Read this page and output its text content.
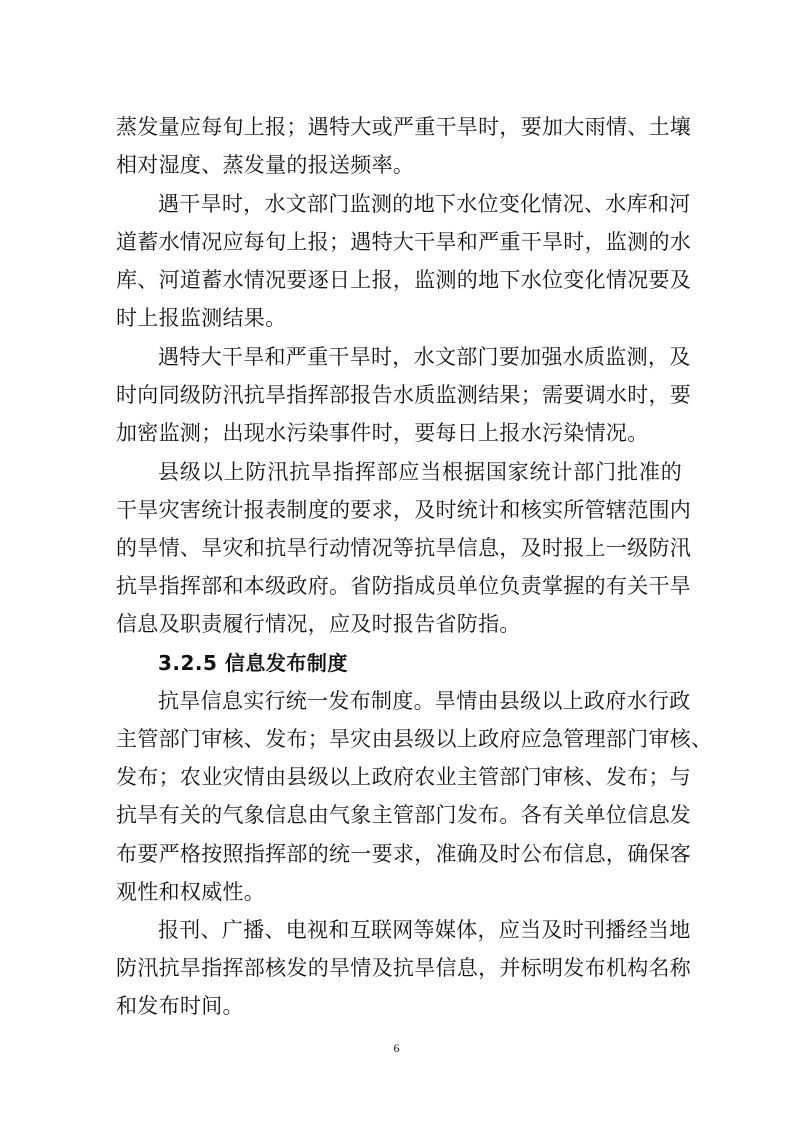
蒸发量应每旬上报；遇特大或严重干旱时，要加大雨情、土壤
相对湿度、蒸发量的报送频率。
遇干旱时，水文部门监测的地下水位变化情况、水库和河
道蓄水情况应每旬上报；遇特大干旱和严重干旱时，监测的水
库、河道蓄水情况要逐日上报，监测的地下水位变化情况要及
时上报监测结果。
遇特大干旱和严重干旱时，水文部门要加强水质监测，及
时向同级防汛抗旱指挥部报告水质监测结果；需要调水时，要
加密监测；出现水污染事件时，要每日上报水污染情况。
县级以上防汛抗旱指挥部应当根据国家统计部门批准的
干旱灾害统计报表制度的要求，及时统计和核实所管辖范围内
的旱情、旱灾和抗旱行动情况等抗旱信息，及时报上一级防汛
抗旱指挥部和本级政府。省防指成员单位负责掌握的有关干旱
信息及职责履行情况，应及时报告省防指。
3.2.5 信息发布制度
抗旱信息实行统一发布制度。旱情由县级以上政府水行政
主管部门审核、发布；旱灾由县级以上政府应急管理部门审核、
发布；农业灾情由县级以上政府农业主管部门审核、发布；与
抗旱有关的气象信息由气象主管部门发布。各有关单位信息发
布要严格按照指挥部的统一要求，准确及时公布信息，确保客
观性和权威性。
报刊、广播、电视和互联网等媒体，应当及时刊播经当地
防汛抗旱指挥部核发的旱情及抗旱信息，并标明发布机构名称
和发布时间。
6
